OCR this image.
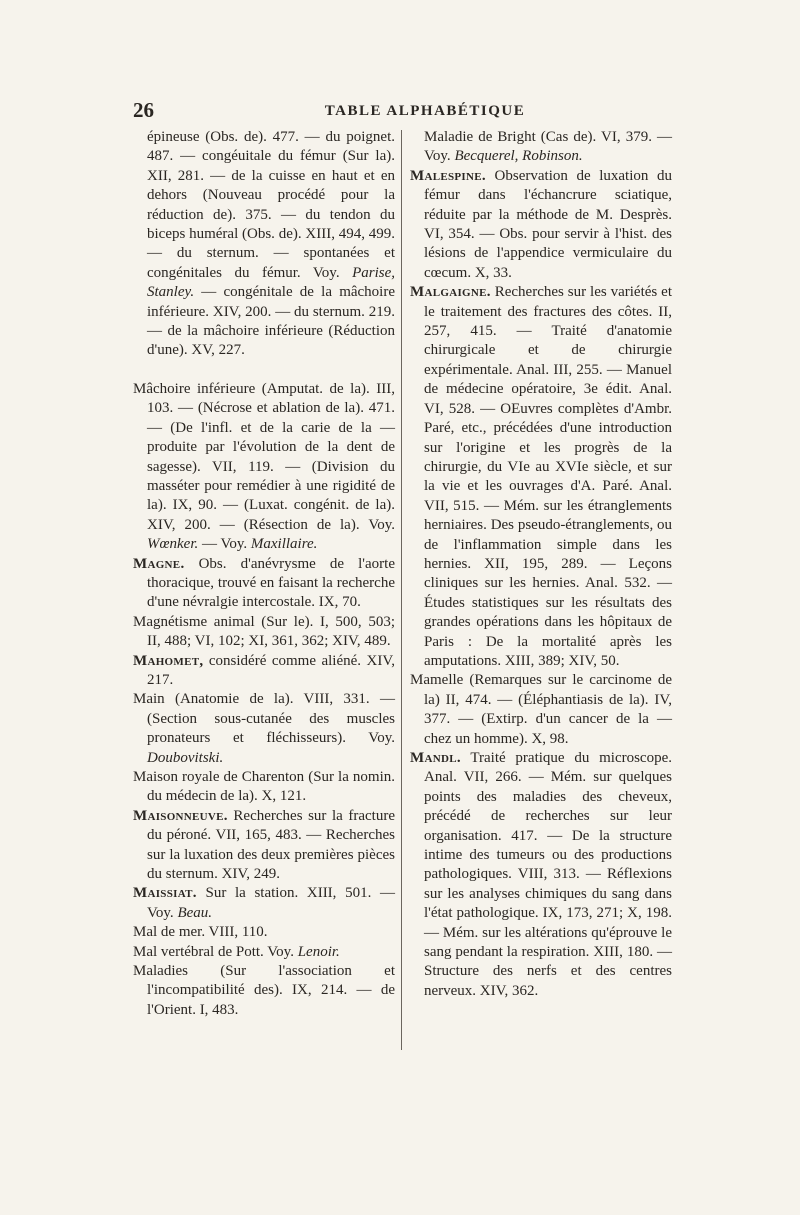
26	TABLE ALPHABÉTIQUE

épineuse (Obs. de). 477. — du poignet. 487. — congéuitale du fémur (Sur la). XII, 281. — de la cuisse en haut et en dehors (Nouveau procédé pour la réduction de). 375. — du tendon du biceps huméral (Obs. de). XIII, 494, 499. — du sternum. — spontanées et congénitales du fémur. Voy. Parise, Stanley. — congénitale de la mâchoire inférieure. XIV, 200. — du sternum. 219. — de la mâchoire inférieure (Réduction d'une). XV, 227.

Mâchoire inférieure (Amputat. de la). III, 103. — (Nécrose et ablation de la). 471. — (De l'infl. et de la carie de la — produite par l'évolution de la dent de sagesse). VII, 119. — (Division du masséter pour remédier à une rigidité de la). IX, 90. — (Luxat. congénit. de la). XIV, 200. — (Résection de la). Voy. Wœnker. — Voy. Maxillaire.

Magne. Obs. d'anévrysme de l'aorte thoracique, trouvé en faisant la recherche d'une névralgie intercostale. IX, 70.

Magnétisme animal (Sur le). I, 500, 503; II, 488; VI, 102; XI, 361, 362; XIV, 489.

Mahomet, considéré comme aliéné. XIV, 217.

Main (Anatomie de la). VIII, 331. — (Section sous-cutanée des muscles pronateurs et fléchisseurs). Voy. Doubovitski.

Maison royale de Charenton (Sur la nomin. du médecin de la). X, 121.

Maisonneuve. Recherches sur la fracture du péroné. VII, 165, 483. — Recherches sur la luxation des deux premières pièces du sternum. XIV, 249.

Maissiat. Sur la station. XIII, 501. — Voy. Beau.

Mal de mer. VIII, 110.

Mal vertébral de Pott. Voy. Lenoir.

Maladies (Sur l'association et l'incompatibilité des). IX, 214. — de l'Orient. I, 483.

Maladie de Bright (Cas de). VI, 379. — Voy. Becquerel, Robinson.

Malespine. Observation de luxation du fémur dans l'échancrure sciatique, réduite par la méthode de M. Desprès. VI, 354. — Obs. pour servir à l'hist. des lésions de l'appendice vermiculaire du cœcum. X, 33.

Malgaigne. Recherches sur les variétés et le traitement des fractures des côtes. II, 257, 415. — Traité d'anatomie chirurgicale et de chirurgie expérimentale. Anal. III, 255. — Manuel de médecine opératoire, 3e édit. Anal. VI, 528. — OEuvres complètes d'Ambr. Paré, etc., précédées d'une introduction sur l'origine et les progrès de la chirurgie, du VIe au XVIe siècle, et sur la vie et les ouvrages d'A. Paré. Anal. VII, 515. — Mém. sur les étranglements herniaires. Des pseudo-étranglements, ou de l'inflammation simple dans les hernies. XII, 195, 289. — Leçons cliniques sur les hernies. Anal. 532. — Études statistiques sur les résultats des grandes opérations dans les hôpitaux de Paris : De la mortalité après les amputations. XIII, 389; XIV, 50.

Mamelle (Remarques sur le carcinome de la) II, 474. — (Éléphantiasis de la). IV, 377. — (Extirp. d'un cancer de la — chez un homme). X, 98.

Mandl. Traité pratique du microscope. Anal. VII, 266. — Mém. sur quelques points des maladies des cheveux, précédé de recherches sur leur organisation. 417. — De la structure intime des tumeurs ou des productions pathologiques. VIII, 313. — Réflexions sur les analyses chimiques du sang dans l'état pathologique. IX, 173, 271; X, 198. — Mém. sur les altérations qu'éprouve le sang pendant la respiration. XIII, 180. — Structure des nerfs et des centres nerveux. XIV, 362.
